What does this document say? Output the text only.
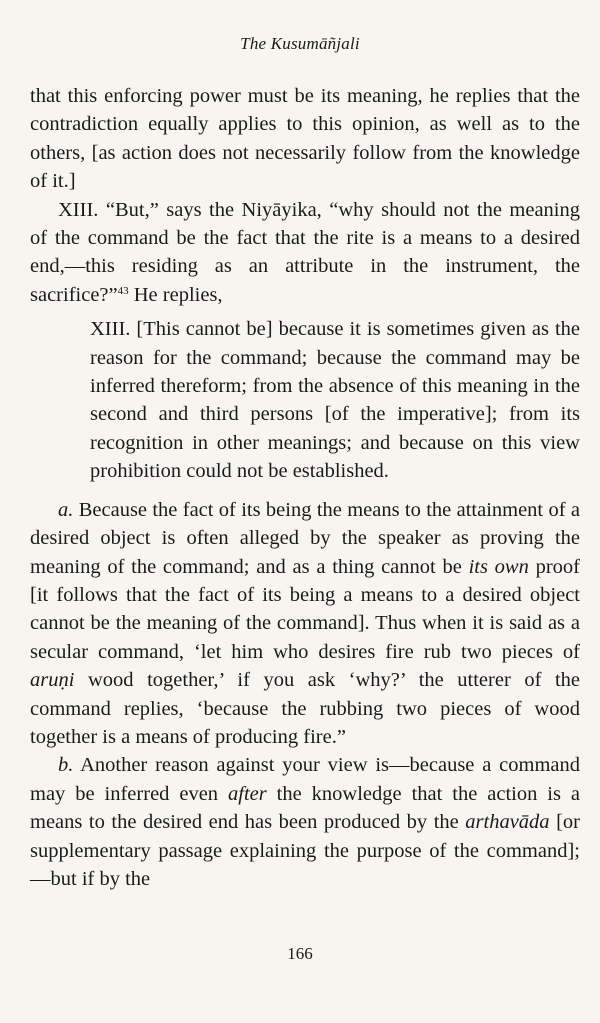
The Kusumāñjali

that this enforcing power must be its meaning, he replies that the contradiction equally applies to this opinion, as well as to the others, [as action does not necessarily follow from the knowledge of it.]

XIII. “But,” says the Niyāyika, “why should not the meaning of the command be the fact that the rite is a means to a desired end,—this residing as an attribute in the instrument, the sacrifice?”$^{43}$ He replies,

XIII. [This cannot be] because it is sometimes given as the reason for the command; because the command may be inferred thereform; from the absence of this meaning in the second and third persons [of the imperative]; from its recognition in other meanings; and because on this view prohibition could not be established.

a. Because the fact of its being the means to the attainment of a desired object is often alleged by the speaker as proving the meaning of the command; and as a thing cannot be its own proof [it follows that the fact of its being a means to a desired object cannot be the meaning of the command]. Thus when it is said as a secular command, ‘let him who desires fire rub two pieces of aruṇi wood together,’ if you ask ‘why?’ the utterer of the command replies, ‘because the rubbing two pieces of wood together is a means of producing fire.”

b. Another reason against your view is—because a command may be inferred even after the knowledge that the action is a means to the desired end has been produced by the arthavāda [or supplementary passage explaining the purpose of the command];—but if by the

166
